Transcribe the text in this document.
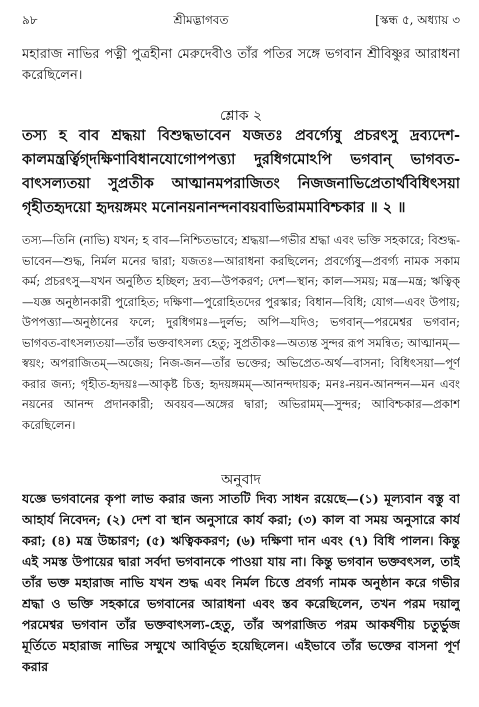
৯৮	শ্রীমদ্ভাগবত	[স্কন্ধ ৫, অধ্যায় ৩

মহারাজ নাভির পত্নী পুত্রহীনা মেরুদেবীও তাঁর পতির সঙ্গে ভগবান শ্রীবিষ্ণুর আরাধনা করেছিলেন।

শ্লোক ২

তস্য হ বাব শ্রদ্ধয়া বিশুদ্ধভাবেন যজতঃ প্রবর্গ্যেষু প্রচরৎসু দ্রব্যদেশ-কালমন্ত্রর্ত্বিগ্‌দক্ষিণাবিধানযোগোপপত্ত্যা দুরধিগমোঽপি ভগবান্ ভাগবত-বাৎসল্যতয়া সুপ্রতীক আত্মানমপরাজিতং নিজজনাভিপ্রেতার্থবিধিৎসয়া গৃহীতহৃদয়ো হৃদয়ঙ্গমং মনোনয়নানন্দনাবয়বাভিরামমাবিশ্চকার ॥ ২ ॥

তস্য—তিনি (নাভি) যখন; হ বাব—নিশ্চিতভাবে; শ্রদ্ধয়া—গভীর শ্রদ্ধা এবং ভক্তি সহকারে; বিশুদ্ধ-ভাবেন—শুদ্ধ, নির্মল মনের দ্বারা; যজতঃ—আরাধনা করছিলেন; প্রবর্গ্যেষু—প্রবর্গ্য নামক সকাম কর্ম; প্রচরৎসু—যখন অনুষ্ঠিত হচ্ছিল; দ্রব্য—উপকরণ; দেশ—স্থান; কাল—সময়; মন্ত্র—মন্ত্র; ঋত্বিক্—যজ্ঞ অনুষ্ঠানকারী পুরোহিত; দক্ষিণা—পুরোহিতদের পুরস্কার; বিধান—বিধি; যোগ—এবং উপায়; উপপত্ত্যা—অনুষ্ঠানের ফলে; দুরধিগমঃ—দুর্লভ; অপি—যদিও; ভগবান্—পরমেশ্বর ভগবান; ভাগবত-বাৎসল্যতয়া—তাঁর ভক্তবাৎসল্য হেতু; সুপ্রতীকঃ—অত্যন্ত সুন্দর রূপ সমন্বিত; আত্মানম্—স্বয়ং; অপরাজিতম্—অজেয়; নিজ-জন—তাঁর ভক্তের; অভিপ্রেত-অর্থ—বাসনা; বিধিৎসয়া—পূর্ণ করার জন্য; গৃহীত-হৃদয়ঃ—আকৃষ্ট চিত্ত; হৃদয়ঙ্গমম্—আনন্দদায়ক; মনঃ-নয়ন-আনন্দন—মন এবং নয়নের আনন্দ প্রদানকারী; অবয়ব—অঙ্গের দ্বারা; অভিরামম্—সুন্দর; আবিশ্চকার—প্রকাশ করেছিলেন।

অনুবাদ

যজ্ঞে ভগবানের কৃপা লাভ করার জন্য সাতটি দিব্য সাধন রয়েছে—(১) মূল্যবান বস্তু বা আহার্য নিবেদন; (২) দেশ বা স্থান অনুসারে কার্য করা; (৩) কাল বা সময় অনুসারে কার্য করা; (৪) মন্ত্র উচ্চারণ; (৫) ঋত্বিককরণ; (৬) দক্ষিণা দান এবং (৭) বিধি পালন। কিন্তু এই সমস্ত উপায়ের দ্বারা সর্বদা ভগবানকে পাওয়া যায় না। কিন্তু ভগবান ভক্তবৎসল, তাই তাঁর ভক্ত মহারাজ নাভি যখন শুদ্ধ এবং নির্মল চিত্তে প্রবর্গ্য নামক অনুষ্ঠান করে গভীর শ্রদ্ধা ও ভক্তি সহকারে ভগবানের আরাধনা এবং স্তব করেছিলেন, তখন পরম দয়ালু পরমেশ্বর ভগবান তাঁর ভক্তবাৎসল্য-হেতু, তাঁর অপরাজিত পরম আকর্ষণীয় চতুর্ভুজ মূর্তিতে মহারাজ নাভির সম্মুখে আবির্ভূত হয়েছিলেন। এইভাবে তাঁর ভক্তের বাসনা পূর্ণ করার
